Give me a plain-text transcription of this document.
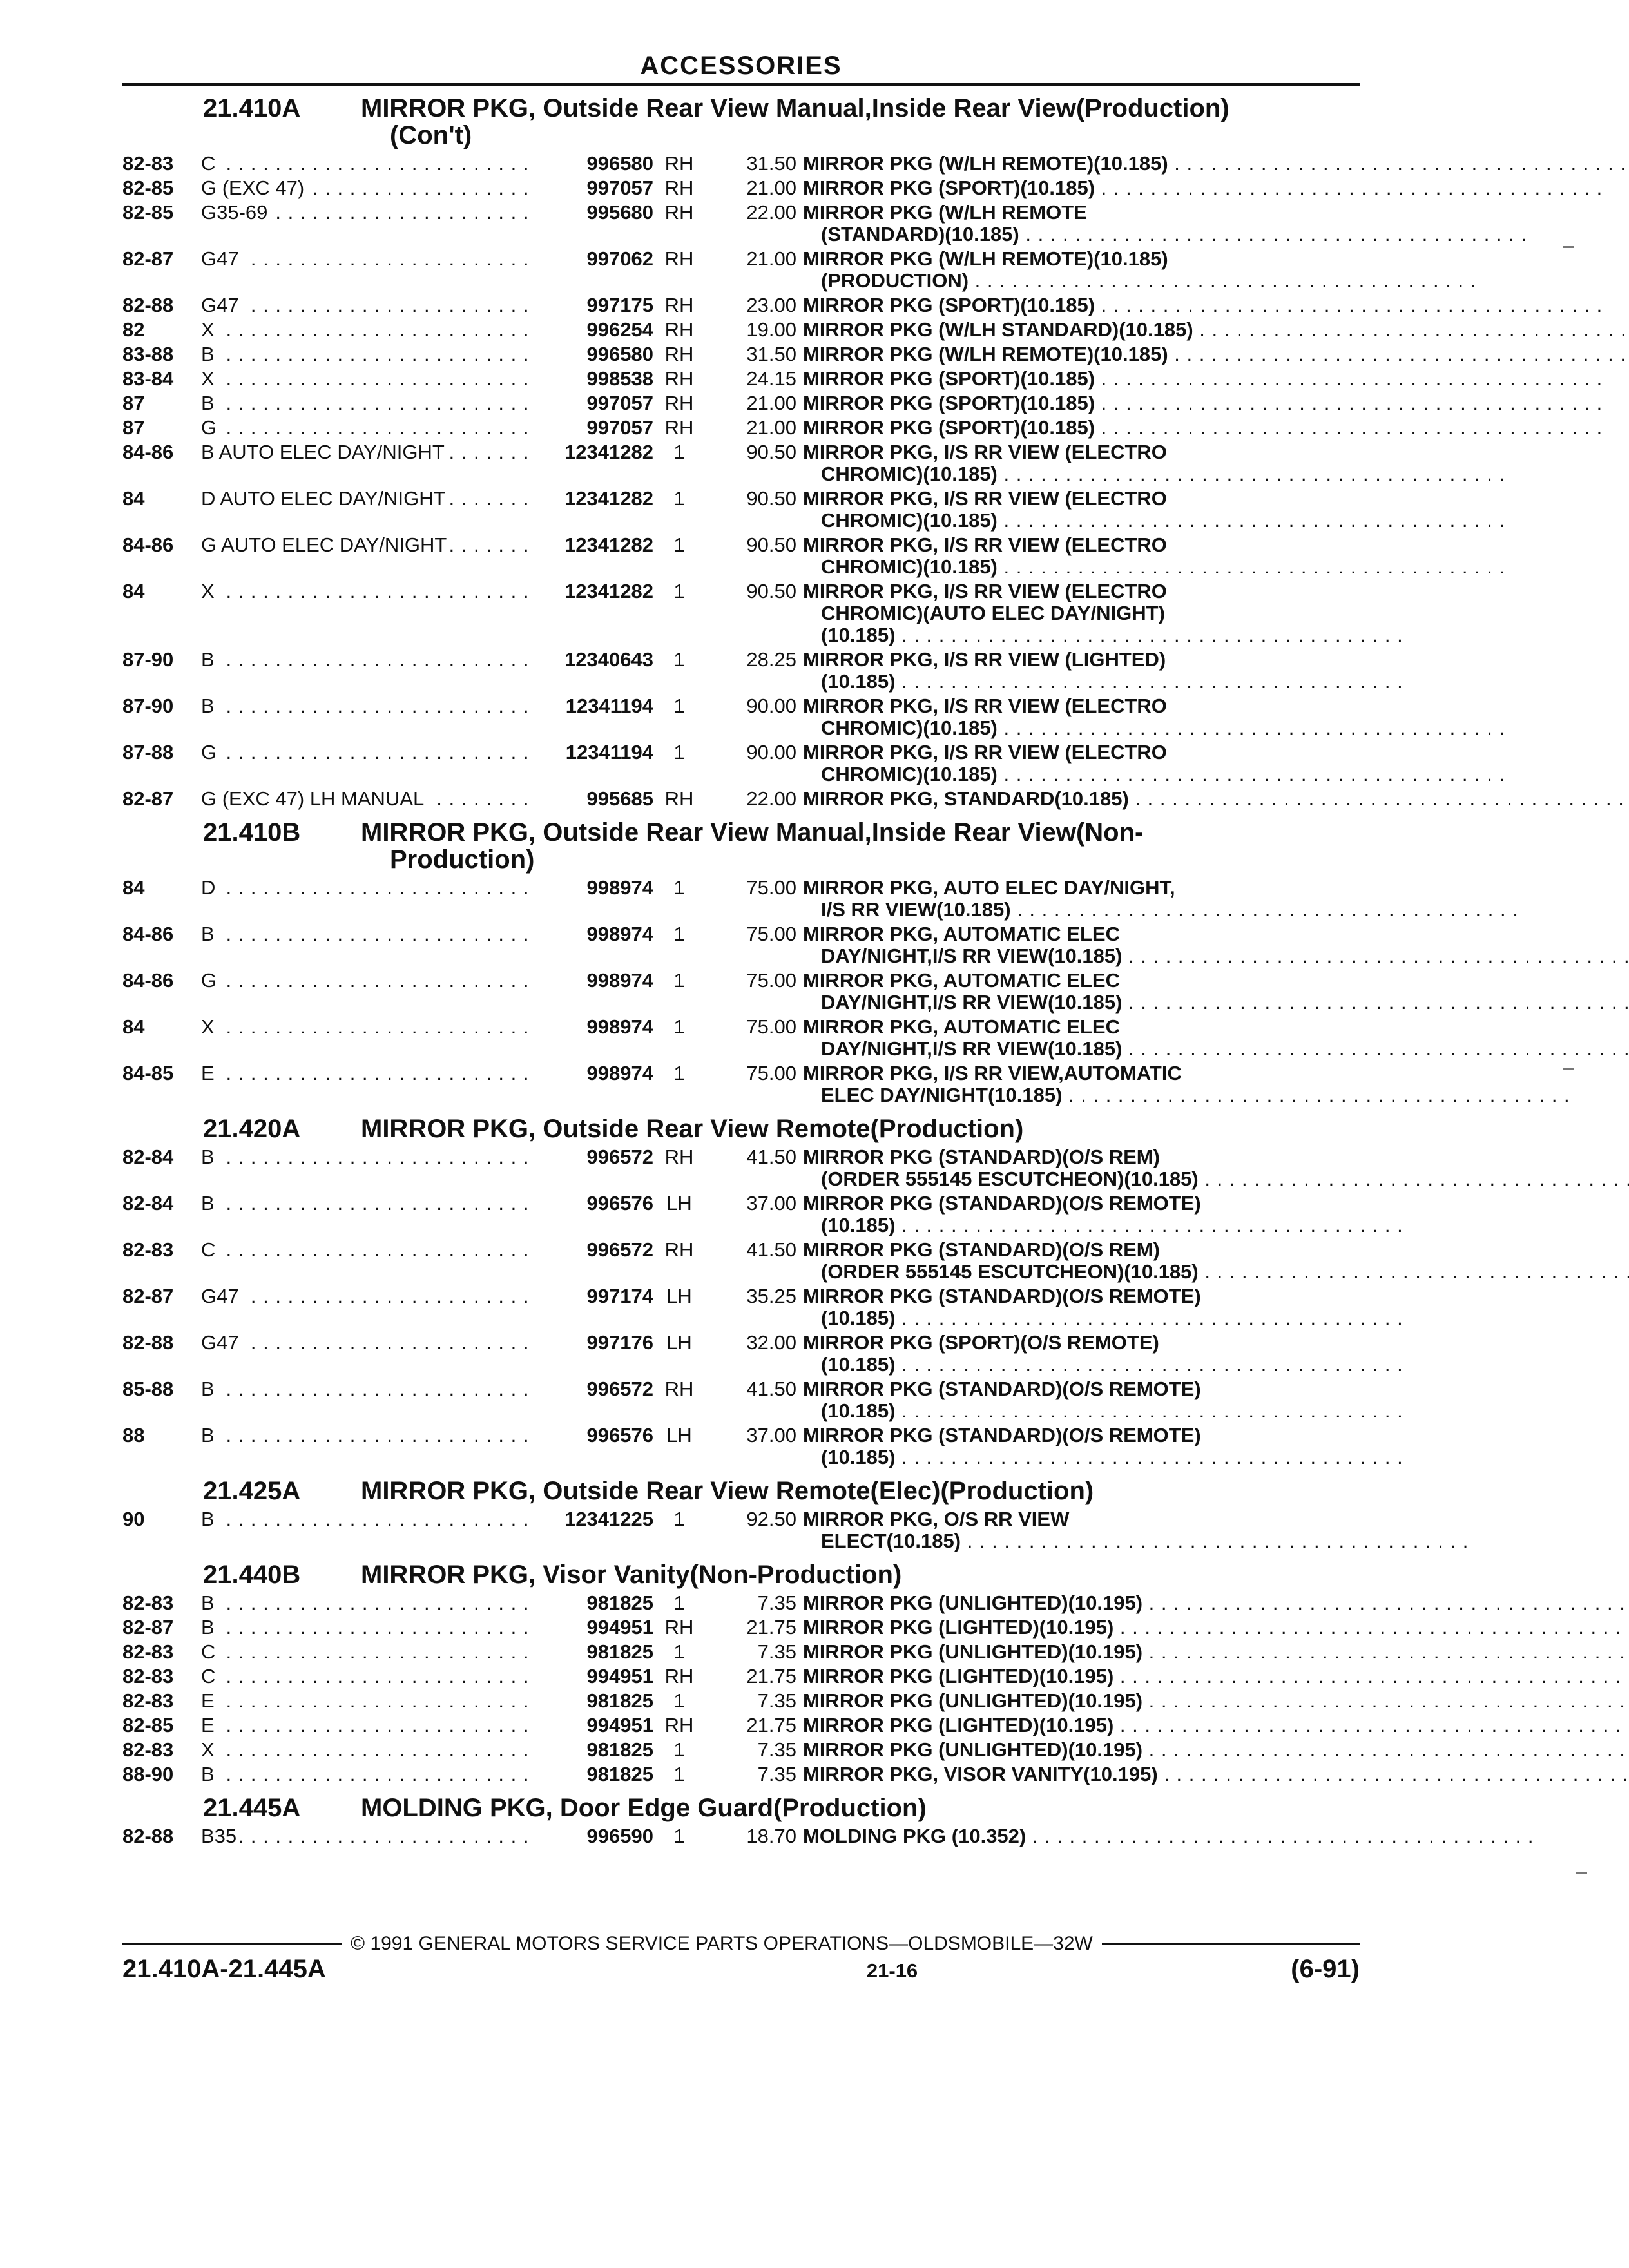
ACCESSORIES
21.410A	MIRROR PKG, Outside Rear View Manual,Inside Rear View(Production)
(Con't)
82-83	C . . .	996580 RH	31.50 MIRROR PKG (W/LH REMOTE)(10.185) . . .
82-85	G (EXC 47) . . .	997057 RH	21.00 MIRROR PKG (SPORT)(10.185) . . .
82-85	G35-69 . . .	995680 RH	22.00 MIRROR PKG (W/LH REMOTE
(STANDARD)(10.185) . . .
82-87	G47 . . .	997062 RH	21.00 MIRROR PKG (W/LH REMOTE)(10.185)
(PRODUCTION) . . .
82-88	G47 . . .	997175 RH	23.00 MIRROR PKG (SPORT)(10.185) . . .
82	X . . .	996254 RH	19.00 MIRROR PKG (W/LH STANDARD)(10.185) . . .
83-88	B . . .	996580 RH	31.50 MIRROR PKG (W/LH REMOTE)(10.185) . . .
83-84	X . . .	998538 RH	24.15 MIRROR PKG (SPORT)(10.185) . . .
87	B . . .	997057 RH	21.00 MIRROR PKG (SPORT)(10.185) . . .
87	G . . .	997057 RH	21.00 MIRROR PKG (SPORT)(10.185) . . .
84-86	B AUTO ELEC DAY/NIGHT . . .	12341282	1	90.50 MIRROR PKG, I/S RR VIEW (ELECTRO
CHROMIC)(10.185) . . .
84	D AUTO ELEC DAY/NIGHT . . .	12341282	1	90.50 MIRROR PKG, I/S RR VIEW (ELECTRO
CHROMIC)(10.185) . . .
84-86	G AUTO ELEC DAY/NIGHT . . .	12341282	1	90.50 MIRROR PKG, I/S RR VIEW (ELECTRO
CHROMIC)(10.185) . . .
84	X . . .	12341282	1	90.50 MIRROR PKG, I/S RR VIEW (ELECTRO
CHROMIC)(AUTO ELEC DAY/NIGHT)
(10.185) . . .
87-90	B . . .	12340643	1	28.25 MIRROR PKG, I/S RR VIEW (LIGHTED)
(10.185) . . .
87-90	B . . .	12341194	1	90.00 MIRROR PKG, I/S RR VIEW (ELECTRO
CHROMIC)(10.185) . . .
87-88	G . . .	12341194	1	90.00 MIRROR PKG, I/S RR VIEW (ELECTRO
CHROMIC)(10.185) . . .
82-87	G (EXC 47) LH MANUAL . . .	995685 RH	22.00 MIRROR PKG, STANDARD(10.185) . . .
21.410B	MIRROR PKG, Outside Rear View Manual,Inside Rear View(Non-
Production)
84	D . . .	998974	1	75.00 MIRROR PKG, AUTO ELEC DAY/NIGHT,
I/S RR VIEW(10.185) . . .
84-86	B . . .	998974	1	75.00 MIRROR PKG, AUTOMATIC ELEC
DAY/NIGHT,I/S RR VIEW(10.185) . . .
84-86	G . . .	998974	1	75.00 MIRROR PKG, AUTOMATIC ELEC
DAY/NIGHT,I/S RR VIEW(10.185) . . .
84	X . . .	998974	1	75.00 MIRROR PKG, AUTOMATIC ELEC
DAY/NIGHT,I/S RR VIEW(10.185) . . .
84-85	E . . .	998974	1	75.00 MIRROR PKG, I/S RR VIEW,AUTOMATIC
ELEC DAY/NIGHT(10.185) . . .
21.420A	MIRROR PKG, Outside Rear View Remote(Production)
82-84	B . . .	996572 RH	41.50 MIRROR PKG (STANDARD)(O/S REM)
(ORDER 555145 ESCUTCHEON)(10.185) . . .
82-84	B . . .	996576 LH	37.00 MIRROR PKG (STANDARD)(O/S REMOTE)
(10.185) . . .
82-83	C . . .	996572 RH	41.50 MIRROR PKG (STANDARD)(O/S REM)
(ORDER 555145 ESCUTCHEON)(10.185) . . .
82-87	G47 . . .	997174 LH	35.25 MIRROR PKG (STANDARD)(O/S REMOTE)
(10.185) . . .
82-88	G47 . . .	997176 LH	32.00 MIRROR PKG (SPORT)(O/S REMOTE)
(10.185) . . .
85-88	B . . .	996572 RH	41.50 MIRROR PKG (STANDARD)(O/S REMOTE)
(10.185) . . .
88	B . . .	996576 LH	37.00 MIRROR PKG (STANDARD)(O/S REMOTE)
(10.185) . . .
21.425A	MIRROR PKG, Outside Rear View Remote(Elec)(Production)
90	B . . .	12341225	1	92.50 MIRROR PKG, O/S RR VIEW
ELECT(10.185) . . .
21.440B	MIRROR PKG, Visor Vanity(Non-Production)
82-83	B . . .	981825	1	7.35 MIRROR PKG (UNLIGHTED)(10.195) . . .
82-87	B . . .	994951 RH	21.75 MIRROR PKG (LIGHTED)(10.195) . . .
82-83	C . . .	981825	1	7.35 MIRROR PKG (UNLIGHTED)(10.195) . . .
82-83	C . . .	994951 RH	21.75 MIRROR PKG (LIGHTED)(10.195) . . .
82-83	E . . .	981825	1	7.35 MIRROR PKG (UNLIGHTED)(10.195) . . .
82-85	E . . .	994951 RH	21.75 MIRROR PKG (LIGHTED)(10.195) . . .
82-83	X . . .	981825	1	7.35 MIRROR PKG (UNLIGHTED)(10.195) . . .
88-90	B . . .	981825	1	7.35 MIRROR PKG, VISOR VANITY(10.195) . . .
21.445A	MOLDING PKG, Door Edge Guard(Production)
82-88	B35 . . .	996590	1	18.70 MOLDING PKG (10.352) . . .
© 1991 GENERAL MOTORS SERVICE PARTS OPERATIONS—OLDSMOBILE—32W
21.410A-21.445A	21-16	(6-91)
